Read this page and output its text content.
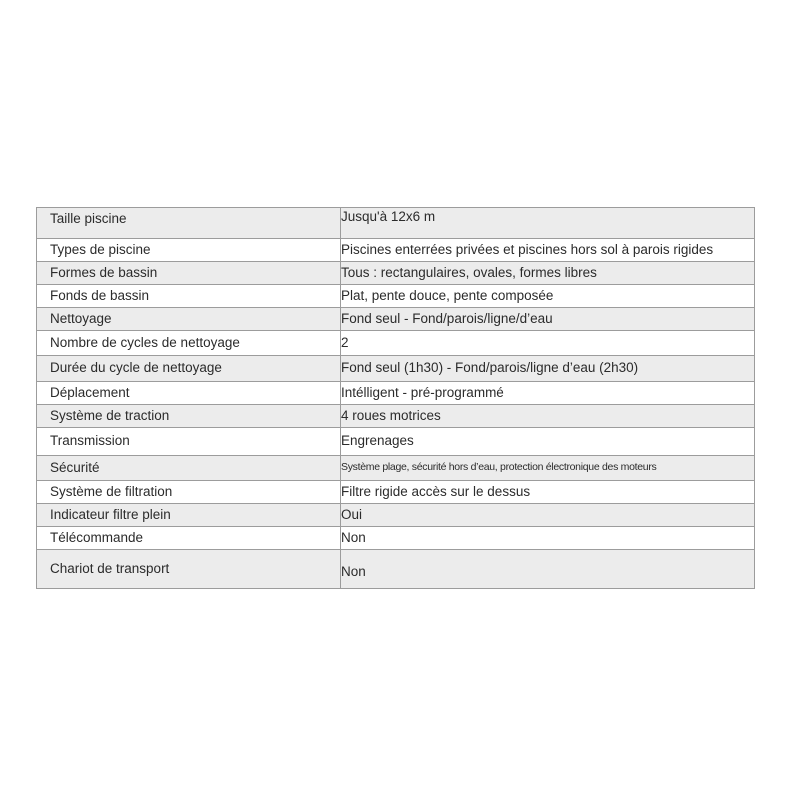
Taille piscine	Jusqu'à 12x6 m
Types de piscine	Piscines enterrées privées et piscines hors sol à parois rigides
Formes de bassin	Tous : rectangulaires, ovales, formes libres
Fonds de bassin	Plat, pente douce, pente composée
Nettoyage	Fond seul - Fond/parois/ligne/d’eau
Nombre de cycles de nettoyage	2
Durée du cycle de nettoyage	Fond seul (1h30) - Fond/parois/ligne d’eau (2h30)
Déplacement	Intélligent - pré-programmé
Système de traction	4 roues motrices
Transmission	Engrenages
Sécurité	Système plage, sécurité hors d’eau, protection électronique des moteurs
Système de filtration	Filtre rigide accès sur le dessus
Indicateur filtre plein	Oui
Télécommande	Non
Chariot de transport	Non
